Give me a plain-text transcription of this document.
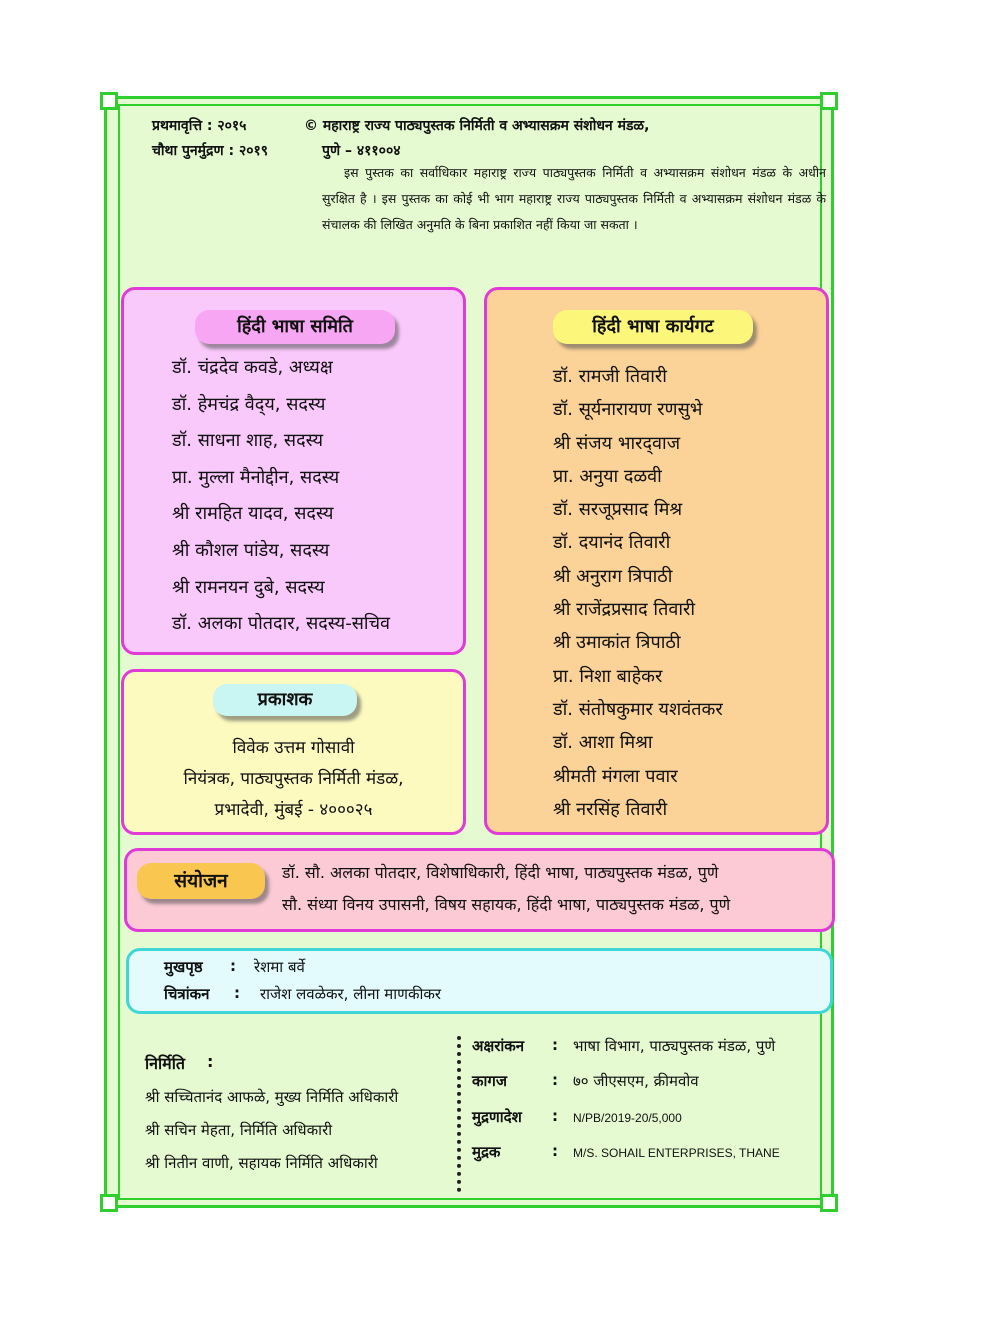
प्रथमावृत्ति : २०१५
चौथा पुनर्मुद्रण : २०१९
© महाराष्ट्र राज्य पाठ्यपुस्तक निर्मिती व अभ्यासक्रम संशोधन मंडळ,
पुणे – ४११००४
इस पुस्तक का सर्वाधिकार महाराष्ट्र राज्य पाठ्यपुस्तक निर्मिती व अभ्यासक्रम संशोधन मंडळ के अधीन सुरक्षित है । इस पुस्तक का कोई भी भाग महाराष्ट्र राज्य पाठ्यपुस्तक निर्मिती व अभ्यासक्रम संशोधन मंडळ के संचालक की लिखित अनुमति के बिना प्रकाशित नहीं किया जा सकता ।
हिंदी भाषा समिति
डॉ. चंद्रदेव कवडे, अध्यक्ष
डॉ. हेमचंद्र वैद्‌य, सदस्य
डॉ. साधना शाह, सदस्य
प्रा. मुल्ला मैनोद्दीन, सदस्य
श्री रामहित यादव, सदस्य
श्री कौशल पांडेय, सदस्य
श्री रामनयन दुबे, सदस्य
डॉ. अलका पोतदार, सदस्य-सचिव
हिंदी भाषा कार्यगट
डॉ. रामजी तिवारी
डॉ. सूर्यनारायण रणसुभे
श्री संजय भारद्‌वाज
प्रा. अनुया दळवी
डॉ. सरजूप्रसाद मिश्र
डॉ. दयानंद तिवारी
श्री अनुराग त्रिपाठी
श्री राजेंद्रप्रसाद तिवारी
श्री उमाकांत त्रिपाठी
प्रा. निशा बाहेकर
डॉ. संतोषकुमार यशवंतकर
डॉ. आशा मिश्रा
श्रीमती मंगला पवार
श्री नरसिंह तिवारी
प्रकाशक
विवेक उत्तम गोसावी
नियंत्रक, पाठ्यपुस्तक निर्मिती मंडळ,
प्रभादेवी, मुंबई - ४०००२५
संयोजन	डॉ. सौ. अलका पोतदार, विशेषाधिकारी, हिंदी भाषा, पाठ्यपुस्तक मंडळ, पुणे
सौ. संध्या विनय उपासनी, विषय सहायक, हिंदी भाषा, पाठ्यपुस्तक मंडळ, पुणे
मुखपृष्ठ : रेशमा बर्वे
चित्रांकन : राजेश लवळेकर, लीना माणकीकर
निर्मिति :
श्री सच्चितानंद आफळे, मुख्य निर्मिति अधिकारी
श्री सचिन मेहता, निर्मिति अधिकारी
श्री नितीन वाणी, सहायक निर्मिति अधिकारी
अक्षरांकन : भाषा विभाग, पाठ्यपुस्तक मंडळ, पुणे
कागज	: ७० जीएसएम, क्रीमवोव
मुद्रणादेश : N/PB/2019-20/5,000
मुद्रक	: M/S. SOHAIL ENTERPRISES, THANE
